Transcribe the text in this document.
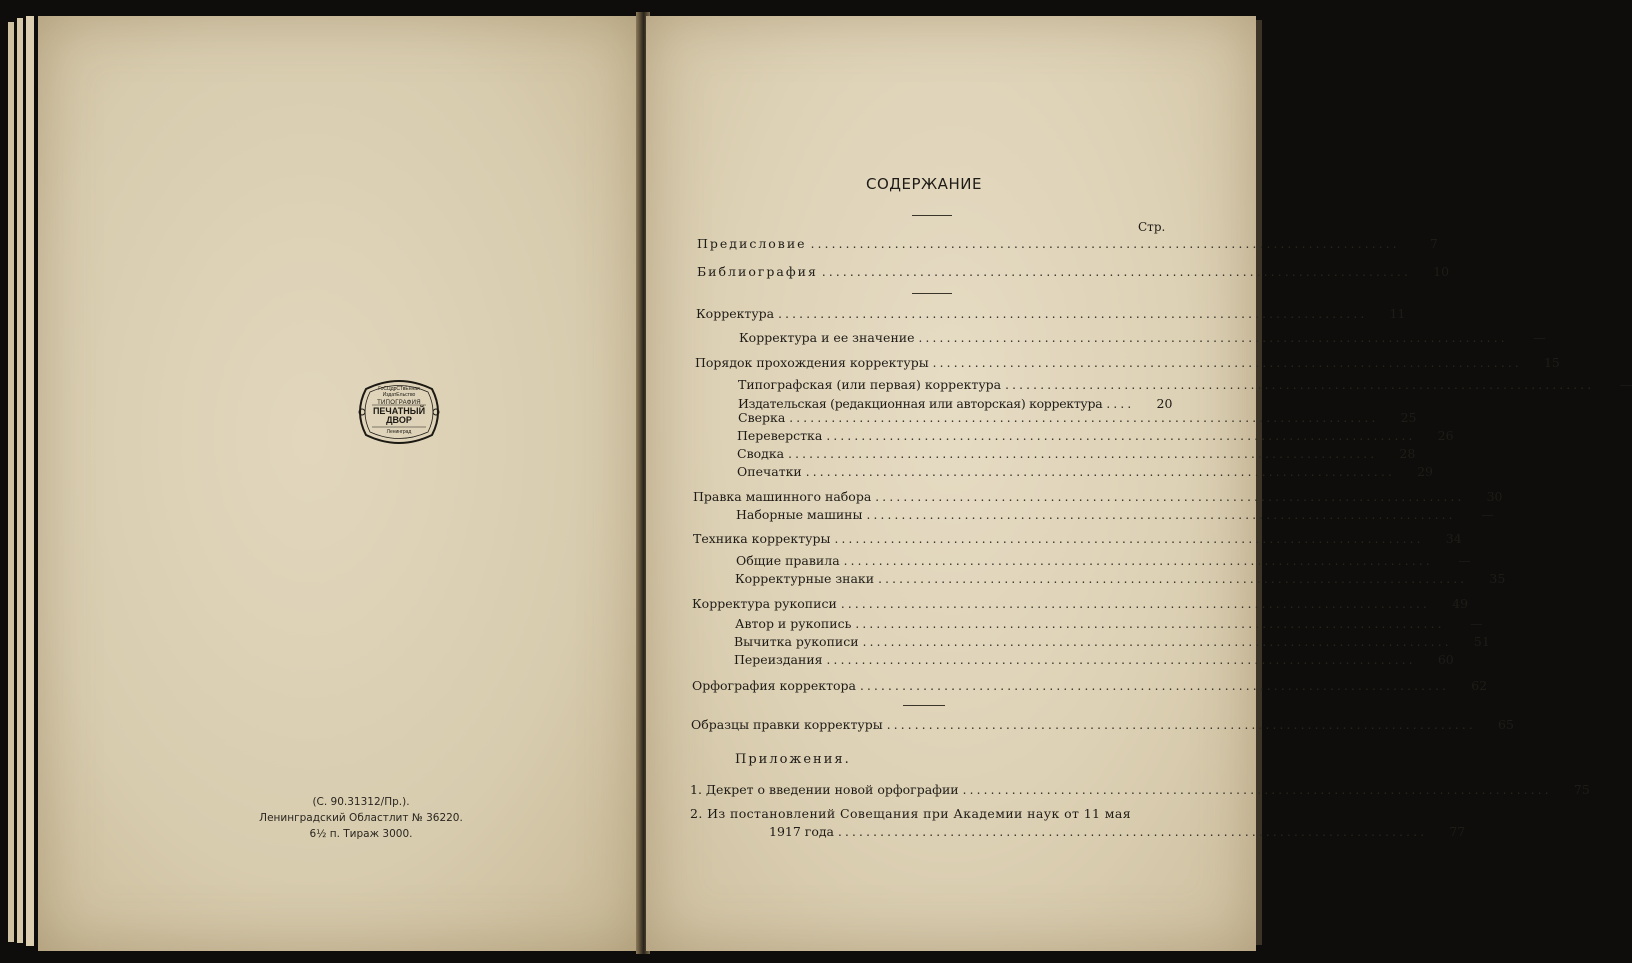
ГоСЦдрСТвЕнная ИздатЕльство
ТИПОГРАФИЯ
ПЕЧАТНЫЙ
ДВОР
Ленинград
(С. 90.31312/Пр.).
Ленинградский Областлит № 36220.
6½ п. Тираж 3000.
СОДЕРЖАНИЕ
Стр.
Предисловие ....................................................................................	7
Библиография ....................................................................................	10
Корректура ....................................................................................	11
Корректура и ее значение ....................................................................................	—
Порядок прохождения корректуры ....................................................................................	15
Типографская (или первая) корректура ....................................................................................	—
Издательская (редакционная или авторская) корректура ....	20
Сверка ....................................................................................	25
Переверстка ....................................................................................	26
Сводка ....................................................................................	28
Опечатки ....................................................................................	29
Правка машинного набора ....................................................................................	30
Наборные машины ....................................................................................	—
Техника корректуры ....................................................................................	34
Общие правила ....................................................................................	—
Корректурные знаки ....................................................................................	35
Корректура рукописи ....................................................................................	49
Автор и рукопись ....................................................................................	—
Вычитка рукописи ....................................................................................	51
Переиздания ....................................................................................	60
Орфография корректора ....................................................................................	62
Образцы правки корректуры ....................................................................................	65
Приложения.
1. Декрет о введении новой орфографии ....................................................................................	75
2. Из постановлений Совещания при Академии наук от 11 мая
1917 года ....................................................................................	77
